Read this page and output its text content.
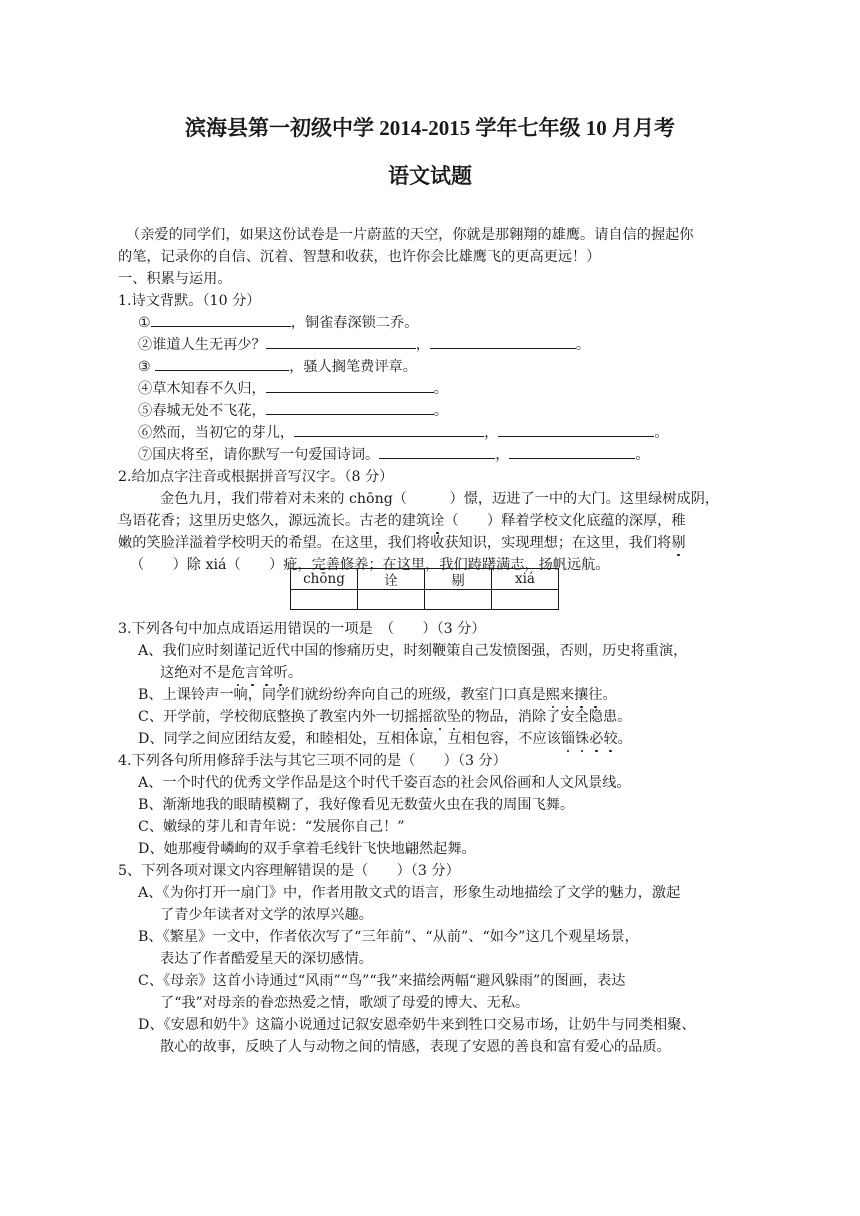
滨海县第一初级中学 2014-2015 学年七年级 10 月月考
语文试题
（亲爱的同学们，如果这份试卷是一片蔚蓝的天空，你就是那翱翔的雄鹰。请自信的握起你
的笔，记录你的自信、沉着、智慧和收获，也许你会比雄鹰飞的更高更远！）
一、积累与运用。
1.诗文背默。（10 分）
①	，铜雀春深锁二乔。
②谁道人生无再少？	，	。
③	，骚人搁笔费评章。
④草木知春不久归，	。
⑤春城无处不飞花，	。
⑥然而，当初它的芽儿，	，	。
⑦国庆将至，请你默写一句爱国诗词。	，	。
2.给加点字注音或根据拼音写汉字。（8 分）
金色九月，我们带着对未来的 chōng（　　　）憬，迈进了一中的大门。这里绿树成阴，
鸟语花香；这里历史悠久，源远流长。古老的建筑诠（　　）释着学校文化底蕴的深厚，稚
嫩的笑脸洋溢着学校明天的希望。在这里，我们将收获知识，实现理想；在这里，我们将剔
（　　）除 xiá（　　）疵，完善修养；在这里，我们踌躇满志，扬帆远航。
chōng	诠	剔	xiá

3.下列各句中加点成语运用错误的一项是　（　　）（3 分）
A、我们应时刻谨记近代中国的惨痛历史，时刻鞭策自己发愤图强，否则，历史将重演，
这绝对不是危言耸听。
B、上课铃声一响，同学们就纷纷奔向自己的班级，教室门口真是熙来攘往。
C、开学前，学校彻底整换了教室内外一切摇摇欲坠的物品，消除了安全隐患。
D、同学之间应团结友爱，和睦相处，互相体谅，互相包容，不应该锱铢必较。
4.下列各句所用修辞手法与其它三项不同的是（　　）（3 分）
A、一个时代的优秀文学作品是这个时代千姿百态的社会风俗画和人文风景线。
B、渐渐地我的眼睛模糊了，我好像看见无数萤火虫在我的周围飞舞。
C、嫩绿的芽儿和青年说：“发展你自己！”
D、她那瘦骨嶙峋的双手拿着毛线针飞快地翩然起舞。
5、下列各项对课文内容理解错误的是（　　）（3 分）
A、《为你打开一扇门》中，作者用散文式的语言，形象生动地描绘了文学的魅力，激起
了青少年读者对文学的浓厚兴趣。
B、《繁星》一文中，作者依次写了“三年前”、“从前”、“如今”这几个观星场景，
表达了作者酷爱星天的深切感情。
C、《母亲》这首小诗通过“风雨”“鸟”“我”来描绘两幅“避风躲雨”的图画，表达
了“我”对母亲的眷恋热爱之情，歌颂了母爱的博大、无私。
D、《安恩和奶牛》这篇小说通过记叙安恩牵奶牛来到牲口交易市场，让奶牛与同类相聚、
散心的故事，反映了人与动物之间的情感，表现了安恩的善良和富有爱心的品质。
